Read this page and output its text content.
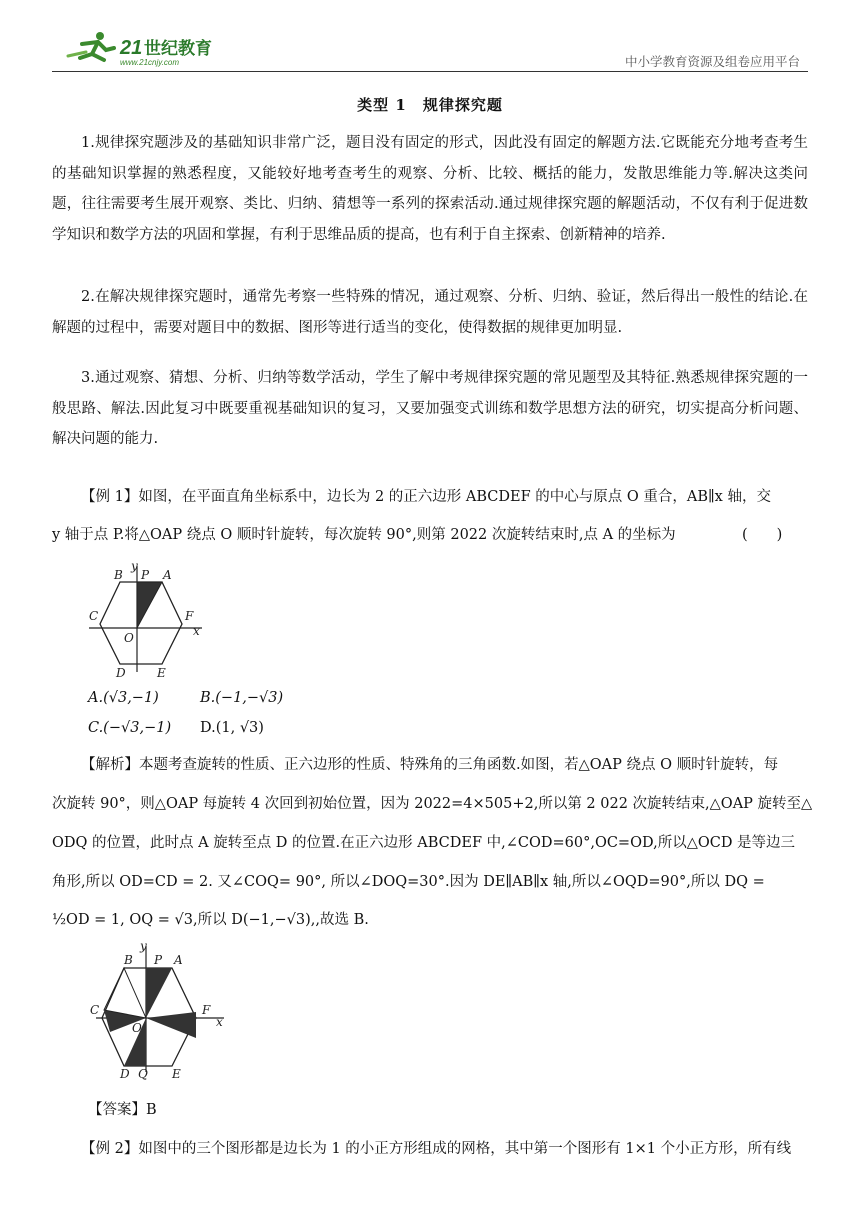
21 世纪教育
www.21cnjy.com	中小学教育资源及组卷应用平台
类型 1　规律探究题
1.规律探究题涉及的基础知识非常广泛，题目没有固定的形式，因此没有固定的解题方法.它既能充分地考查考生的基础知识掌握的熟悉程度，又能较好地考查考生的观察、分析、比较、概括的能力，发散思维能力等.解决这类问题，往往需要考生展开观察、类比、归纳、猜想等一系列的探索活动.通过规律探究题的解题活动，不仅有利于促进数学知识和数学方法的巩固和掌握，有利于思维品质的提高，也有利于自主探索、创新精神的培养.
2.在解决规律探究题时，通常先考察一些特殊的情况，通过观察、分析、归纳、验证，然后得出一般性的结论.在解题的过程中，需要对题目中的数据、图形等进行适当的变化，使得数据的规律更加明显.
3.通过观察、猜想、分析、归纳等数学活动，学生了解中考规律探究题的常见题型及其特征.熟悉规律探究题的一般思路、解法.因此复习中既要重视基础知识的复习，又要加强变式训练和数学思想方法的研究，切实提高分析问题、解决问题的能力.
【例 1】如图，在平面直角坐标系中，边长为 2 的正六边形 ABCDEF 的中心与原点 O 重合，AB∥x 轴，交
y 轴于点 P.将△OAP 绕点 O 顺时针旋转，每次旋转 90°,则第 2022 次旋转结束时,点 A 的坐标为	(　　)
x
y
B P A
C	F
O
D	E
A.(√3,−1)	B.(−1,−√3)
C.(−√3,−1) D.(1, √3)
【解析】本题考查旋转的性质、正六边形的性质、特殊角的三角函数.如图，若△OAP 绕点 O 顺时针旋转，每
次旋转 90°，则△OAP 每旋转 4 次回到初始位置，因为 2022=4×505+2,所以第 2 022 次旋转结束,△OAP 旋转至△
ODQ 的位置，此时点 A 旋转至点 D 的位置.在正六边形 ABCDEF 中,∠COD=60°,OC=OD,所以△OCD 是等边三
角形,所以 OD=CD = 2. 又∠COQ= 90°, 所以∠DOQ=30°.因为 DE∥AB∥x 轴,所以∠OQD=90°,所以 DQ =
½OD = 1, OQ = √3,所以 D(−1,−√3),,故选 B.
x
y
B P A
C	F
O
D Q E
【答案】B
【例 2】如图中的三个图形都是边长为 1 的小正方形组成的网格，其中第一个图形有 1×1 个小正方形，所有线
